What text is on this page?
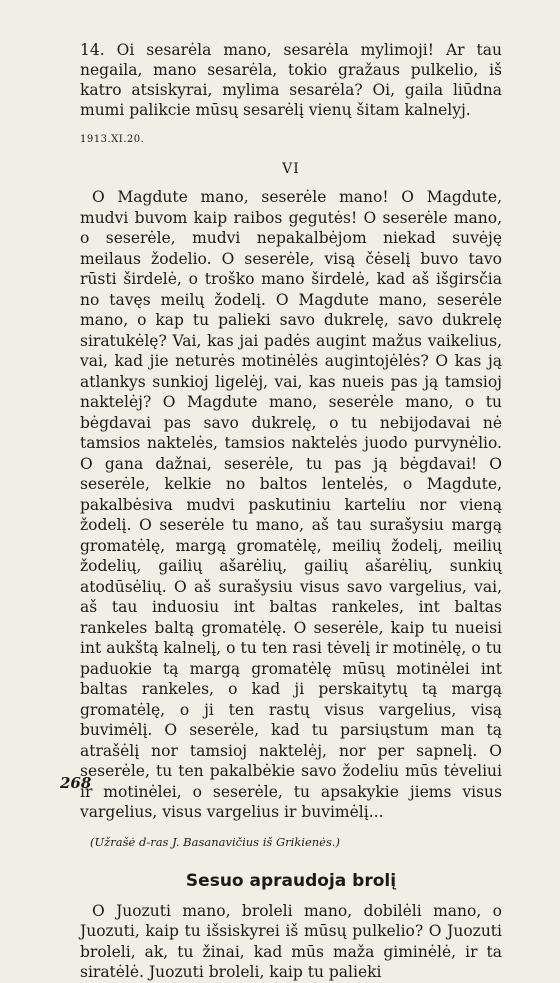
14. Oi sesarėla mano, sesarėla mylimoji! Ar tau negaila, mano sesarėla, tokio gražaus pulkelio, iš katro atsiskyrai, mylima sesarėla? Oi, gaila liūdna mumi palikcie mūsų sesarėlį vienų šitam kalnelyj.

1913.XI.20.

VI

O Magdute mano, seserėle mano! O Magdute, mudvi buvom kaip raibos gegutės! O seserėle mano, o seserėle, mudvi nepakalbėjom niekad suvėję meilaus žodelio. O seserėle, visą čėselį buvo tavo rūsti širdelė, o troško mano širdelė, kad aš išgirsčia no tavęs meilų žodelį. O Magdute mano, seserėle mano, o kap tu palieki savo dukrelę, savo dukrelę siratukėlę? Vai, kas jai padės augint mažus vaikelius, vai, kad jie neturės motinėlės augintojėlės? O kas ją atlankys sunkioj ligelėj, vai, kas nueis pas ją tamsioj naktelėj? O Magdute mano, seserėle mano, o tu bėgdavai pas savo dukrelę, o tu nebijodavai nė tamsios naktelės, tamsios naktelės juodo purvynėlio. O gana dažnai, seserėle, tu pas ją bėgdavai! O seserėle, kelkie no baltos lentelės, o Magdute, pakalbėsiva mudvi paskutiniu karteliu nor vieną žodelį. O seserėle tu mano, aš tau surašysiu margą gromatėlę, margą gromatėlę, meilių žodelį, meilių žodelių, gailių ašarėlių, gailių ašarėlių, sunkių atodūsėlių. O aš surašysiu visus savo vargelius, vai, aš tau induosiu int baltas rankeles, int baltas rankeles baltą gromatėlę. O seserėle, kaip tu nueisi int aukštą kalnelį, o tu ten rasi tėvelį ir motinėlę, o tu paduokie tą margą gromatėlę mūsų motinėlei int baltas rankeles, o kad ji perskaitytų tą margą gromatėlę, o ji ten rastų visus vargelius, visą buvimėlį. O seserėle, kad tu parsiųstum man tą atrašėlį nor tamsioj naktelėj, nor per sapnelį. O seserėle, tu ten pakalbėkie savo žodeliu mūs tėveliui ir motinėlei, o seserėle, tu apsakykie jiems visus vargelius, visus vargelius ir buvimėlį...

(Užrašė d-ras J. Basanavičius iš Grikienės.)

Sesuo apraudoja brolį

O Juozuti mano, broleli mano, dobilėli mano, o Juozuti, kaip tu išsiskyrei iš mūsų pulkelio? O Juozuti broleli, ak, tu žinai, kad mūs maža giminėlė, ir ta siratėlė. Juozuti broleli, kaip tu palieki

268
